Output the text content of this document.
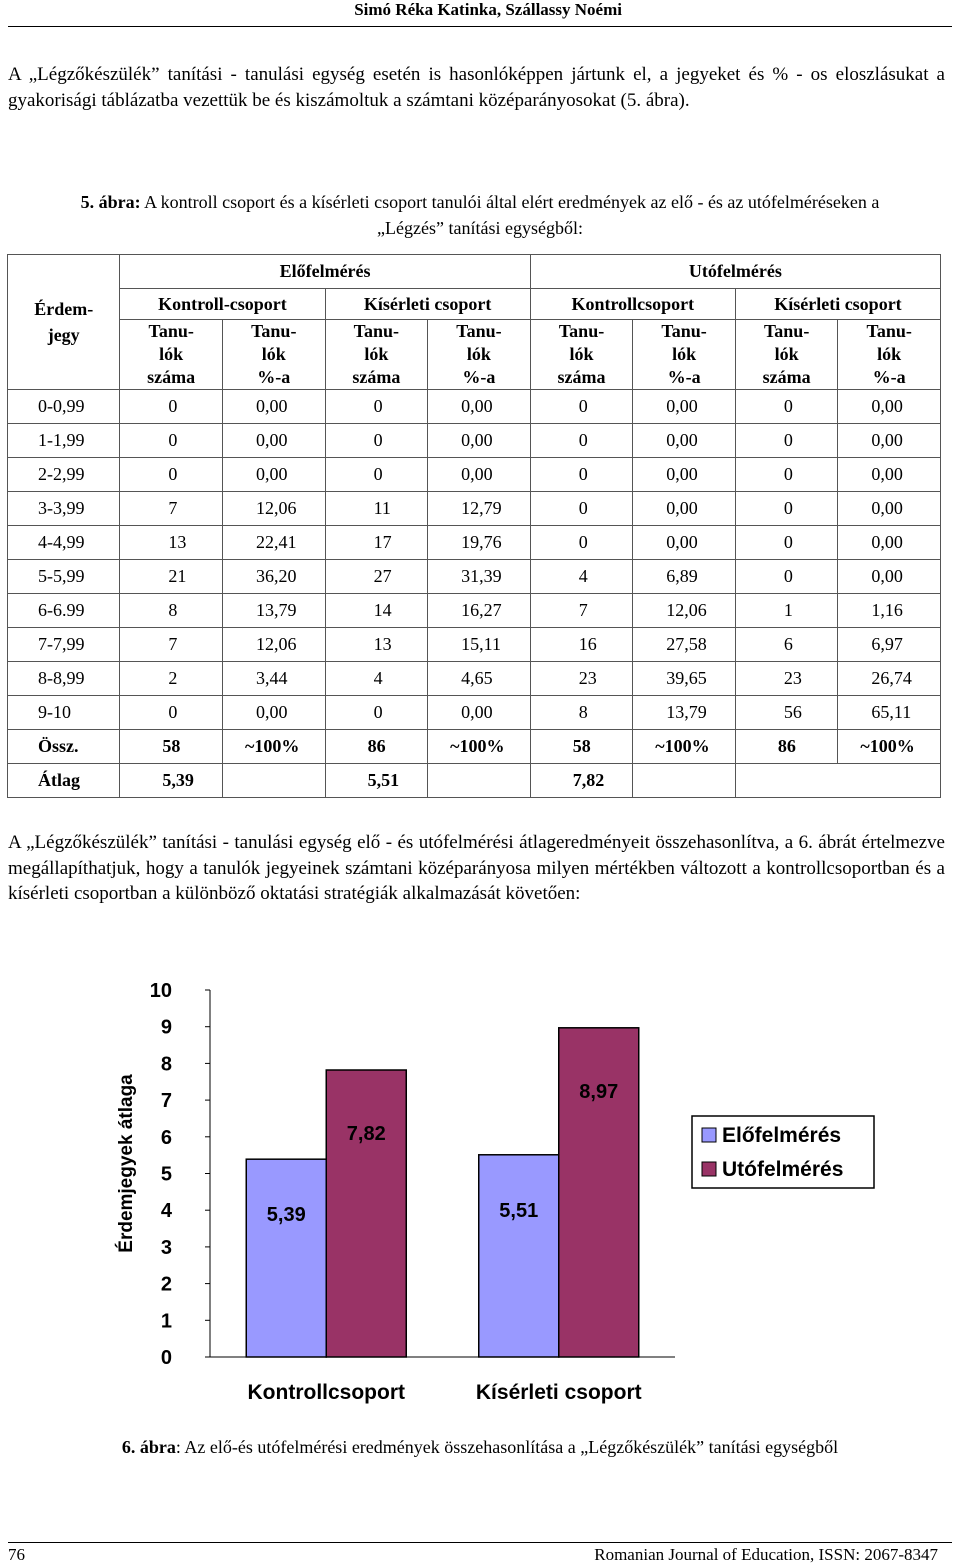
Simó Réka Katinka, Szállassy Noémi

A „Légzőkészülék” tanítási - tanulási egység esetén is hasonlóképpen jártunk el, a jegyeket és % - os eloszlásukat a gyakorisági táblázatba vezettük be és kiszámoltuk a számtani középarányosokat (5. ábra).

5. ábra: A kontroll csoport és a kísérleti csoport tanulói által elért eredmények az elő - és az utófelméréseken a
„Légzés” tanítási egységből:
Érdem-
jegy	Előfelmérés				Utófelmérés			
	Kontroll-csoport		Kísérleti csoport		Kontrollcsoport		Kísérleti csoport	
	Tanu-
lók
száma	Tanu-
lók
%-a	Tanu-
lók
száma	Tanu-
lók
%-a	Tanu-
lók
száma	Tanu-
lók
%-a	Tanu-
lók
száma	Tanu-
lók
%-a
0-0,99	0	0,00	0	0,00	0	0,00	0	0,00
1-1,99	0	0,00	0	0,00	0	0,00	0	0,00
2-2,99	0	0,00	0	0,00	0	0,00	0	0,00
3-3,99	7	12,06	11	12,79	0	0,00	0	0,00
4-4,99	13	22,41	17	19,76	0	0,00	0	0,00
5-5,99	21	36,20	27	31,39	4	6,89	0	0,00
6-6.99	8	13,79	14	16,27	7	12,06	1	1,16
7-7,99	7	12,06	13	15,11	16	27,58	6	6,97
8-8,99	2	3,44	4	4,65	23	39,65	23	26,74
9-10	0	0,00	0	0,00	8	13,79	56	65,11
Össz.	58	~100%	86	~100%	58	~100%	86	~100%
Átlag	5,39		5,51		7,82			

A „Légzőkészülék” tanítási - tanulási egység elő - és utófelmérési átlageredményeit összehasonlítva, a 6. ábrát értelmezve megállapíthatjuk, hogy a tanulók jegyeinek számtani középarányosa milyen mértékben változott a kontrollcsoportban és a kísérleti csoportban a különböző oktatási stratégiák alkalmazását követően:

0
1
2
3
4
5
6
7
8
9
10
Érdemjegyek átlaga	5,39
7,82
Kontrollcsoport
5,51
8,97
Kísérleti csoport
Előfelmérés
Utófelmérés
6. ábra: Az elő-és utófelmérési eredmények összehasonlítása a „Légzőkészülék” tanítási egységből
76	Romanian Journal of Education, ISSN: 2067-8347
